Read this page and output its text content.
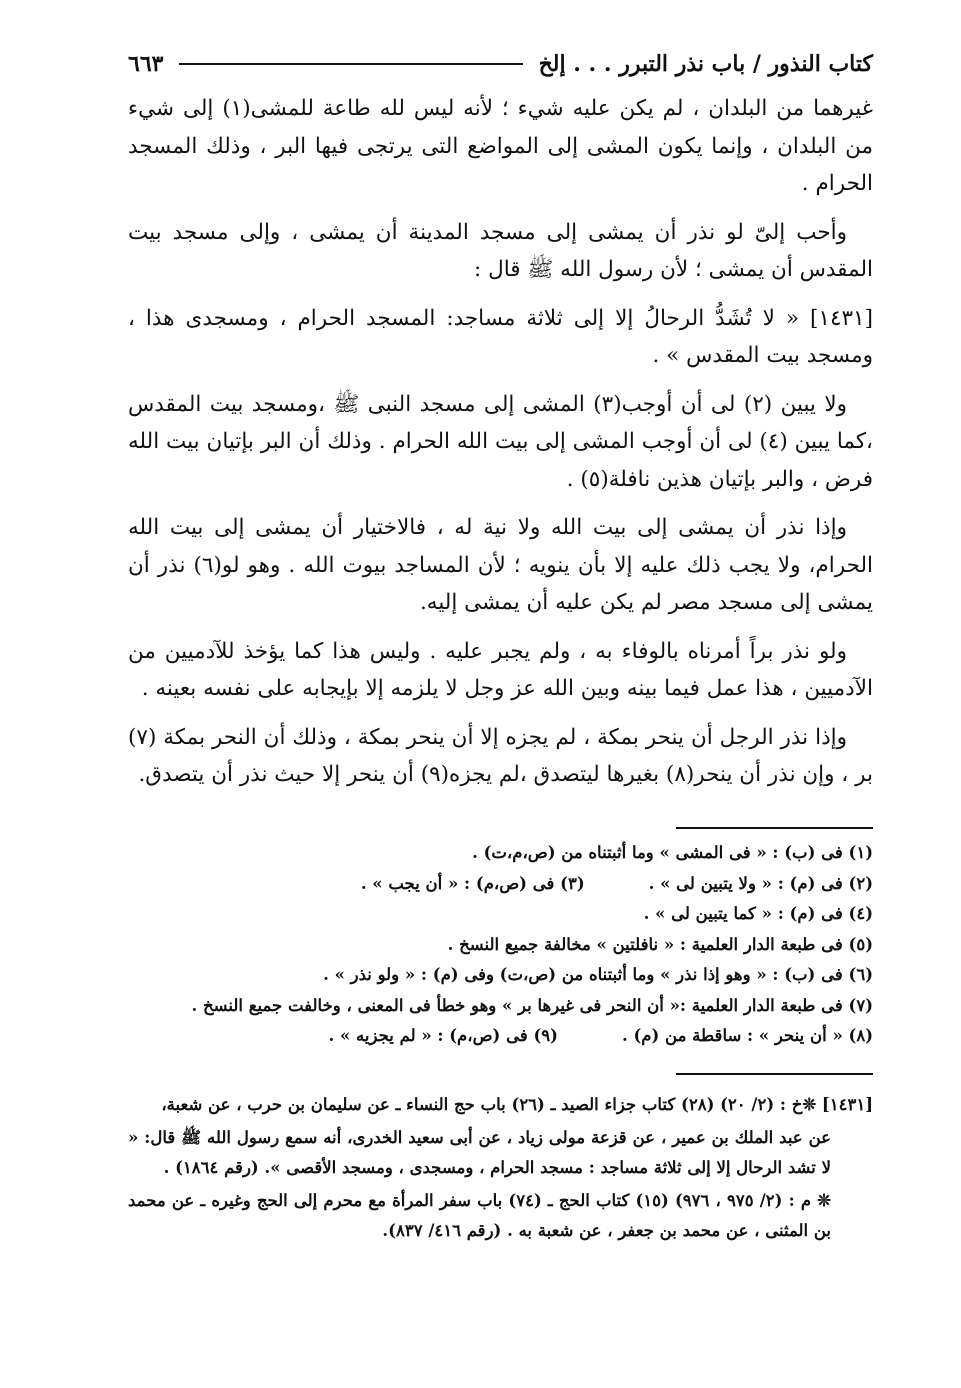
كتاب النذور / باب نذر التبرر . . . إلخ
٦٦٣

غيرهما من البلدان ، لم يكن عليه شيء ؛ لأنه ليس لله طاعة للمشى(١) إلى شيء من البلدان ، وإنما يكون المشى إلى المواضع التى يرتجى فيها البر ، وذلك المسجد الحرام .

وأحب إلىّ لو نذر أن يمشى إلى مسجد المدينة أن يمشى ، وإلى مسجد بيت المقدس أن يمشى ؛ لأن رسول الله ﷺ قال :

[١٤٣١] « لا تُشَدُّ الرحالُ إلا إلى ثلاثة مساجد: المسجد الحرام ، ومسجدى هذا ، ومسجد بيت المقدس » .

ولا يبين (٢) لى أن أوجب(٣) المشى إلى مسجد النبى ﷺ ،ومسجد بيت المقدس ،كما يبين (٤) لى أن أوجب المشى إلى بيت الله الحرام . وذلك أن البر بإتيان بيت الله فرض ، والبر بإتيان هذين نافلة(٥) .

وإذا نذر أن يمشى إلى بيت الله ولا نية له ، فالاختيار أن يمشى إلى بيت الله الحرام، ولا يجب ذلك عليه إلا بأن ينويه ؛ لأن المساجد بيوت الله . وهو لو(٦) نذر أن يمشى إلى مسجد مصر لم يكن عليه أن يمشى إليه.

ولو نذر براً أمرناه بالوفاء به ، ولم يجبر عليه . وليس هذا كما يؤخذ للآدميين من الآدميين ، هذا عمل فيما بينه وبين الله عز وجل لا يلزمه إلا بإيجابه على نفسه بعينه .

وإذا نذر الرجل أن ينحر بمكة ، لم يجزه إلا أن ينحر بمكة ، وذلك أن النحر بمكة (٧) بر ، وإن نذر أن ينحر(٨) بغيرها ليتصدق ،لم يجزه(٩) أن ينحر إلا حيث نذر أن يتصدق.

(١) فى (ب) : « فى المشى » وما أثبتناه من (ص،م،ت) .
(٢) فى (م) : « ولا يتبين لى » .
(٣) فى (ص،م) : « أن يجب » .
(٤) فى (م) : « كما يتبين لى » .
(٥) فى طبعة الدار العلمية : « نافلتين » مخالفة جميع النسخ .
(٦) فى (ب) : « وهو إذا نذر » وما أثبتناه من (ص،ت) وفى (م) : « ولو نذر » .
(٧) فى طبعة الدار العلمية :« أن النحر فى غيرها بر » وهو خطأ فى المعنى ، وخالفت جميع النسخ .
(٨) « أن ينحر » : ساقطة من (م) .
(٩) فى (ص،م) : « لم يجزيه » .

[١٤٣١] ❊خ : (٢/ ٢٠) (٢٨) كتاب جزاء الصيد ـ (٢٦) باب حج النساء ـ عن سليمان بن حرب ، عن شعبة،

عن عبد الملك بن عمير ، عن قزعة مولى زياد ، عن أبى سعيد الخدرى، أنه سمع رسول الله ﷺ قال: « لا تشد الرحال إلا إلى ثلاثة مساجد : مسجد الحرام ، ومسجدى ، ومسجد الأقصى ». (رقم ١٨٦٤) .

❊ م : (٢/ ٩٧٥ ، ٩٧٦) (١٥) كتاب الحج ـ (٧٤) باب سفر المرأة مع محرم إلى الحج وغيره ـ عن محمد بن المثنى ، عن محمد بن جعفر ، عن شعبة به . (رقم ٤١٦/ ٨٣٧).
